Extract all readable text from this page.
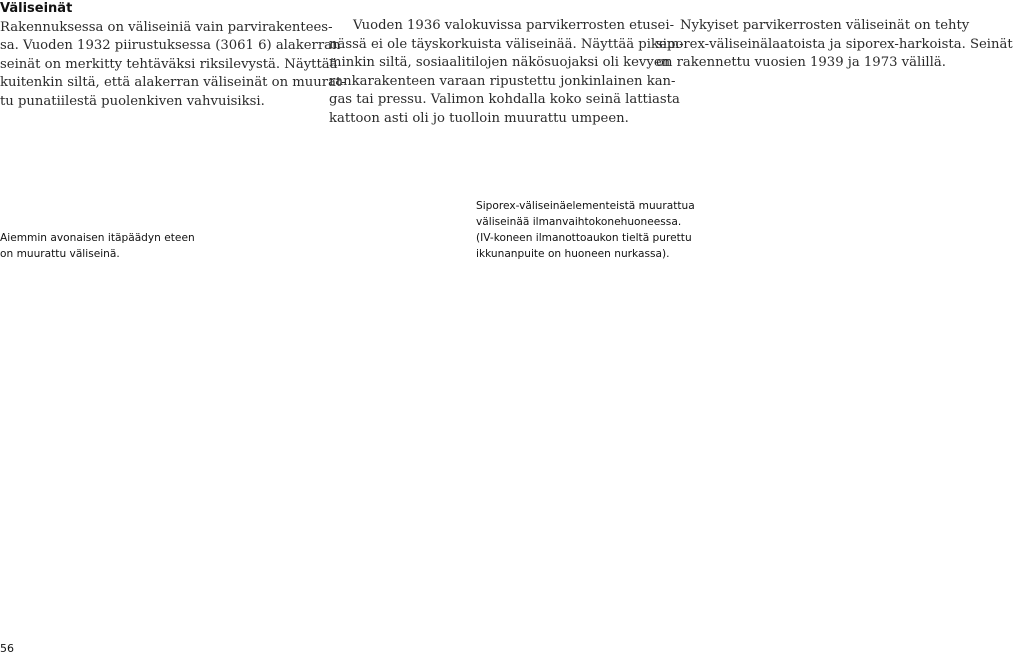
Väliseinät
Rakennuksessa on väliseiniä vain parvirakentees-
sa. Vuoden 1932 piirustuksessa (3061 6) alakerran
seinät on merkitty tehtäväksi riksilevystä. Näyttää
kuitenkin siltä, että alakerran väliseinät on muurat-
tu punatiilestä puolenkiven vahvuisiksi.
Vuoden 1936 valokuvissa parvikerrosten etusei-
nässä ei ole täyskorkuista väliseinää. Näyttää pikem-
minkin siltä, sosiaalitilojen näkösuojaksi oli kevyen
rankarakenteen varaan ripustettu jonkinlainen kan-
gas tai pressu. Valimon kohdalla koko seinä lattiasta
kattoon asti oli jo tuolloin muurattu umpeen.
Nykyiset parvikerrosten väliseinät on tehty
siporex-väliseinälaatoista ja siporex-harkoista. Seinät
on rakennettu vuosien 1939 ja 1973 välillä.
Aiemmin avonaisen itäpäädyn eteen
on muurattu väliseinä.
Siporex-väliseinäelementeistä muurattua
väliseinää ilmanvaihtokonehuoneessa.
(IV-koneen ilmanottoaukon tieltä purettu
ikkunanpuite on huoneen nurkassa).
56
